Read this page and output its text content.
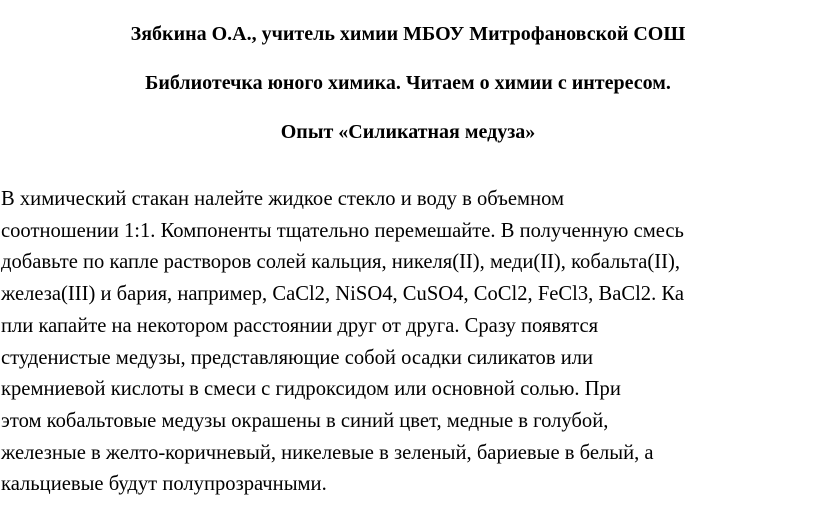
Зябкина О.А., учитель химии МБОУ Митрофановской СОШ
Библиотечка юного химика. Читаем о химии с интересом.
Опыт «Силикатная медуза»
В химический стакан налейте жидкое стекло и воду в объемном
соотношении 1:1. Компоненты тщательно перемешайте. В полученную смесь
добавьте по капле растворов солей кальция, никеля(II), меди(II), кобальта(II),
железа(III) и бария, например, CaCl2, NiSO4, CuSO4, CoCl2, FeCl3, BaCl2. Ка
пли капайте на некотором расстоянии друг от друга. Сразу появятся
студенистые медузы, представляющие собой осадки силикатов или
кремниевой кислоты в смеси с гидроксидом или основной солью. При
этом кобальтовые медузы окрашены в синий цвет, медные в голубой,
железные в желто-коричневый, никелевые в зеленый, бариевые в белый, а
кальциевые будут полупрозрачными.
